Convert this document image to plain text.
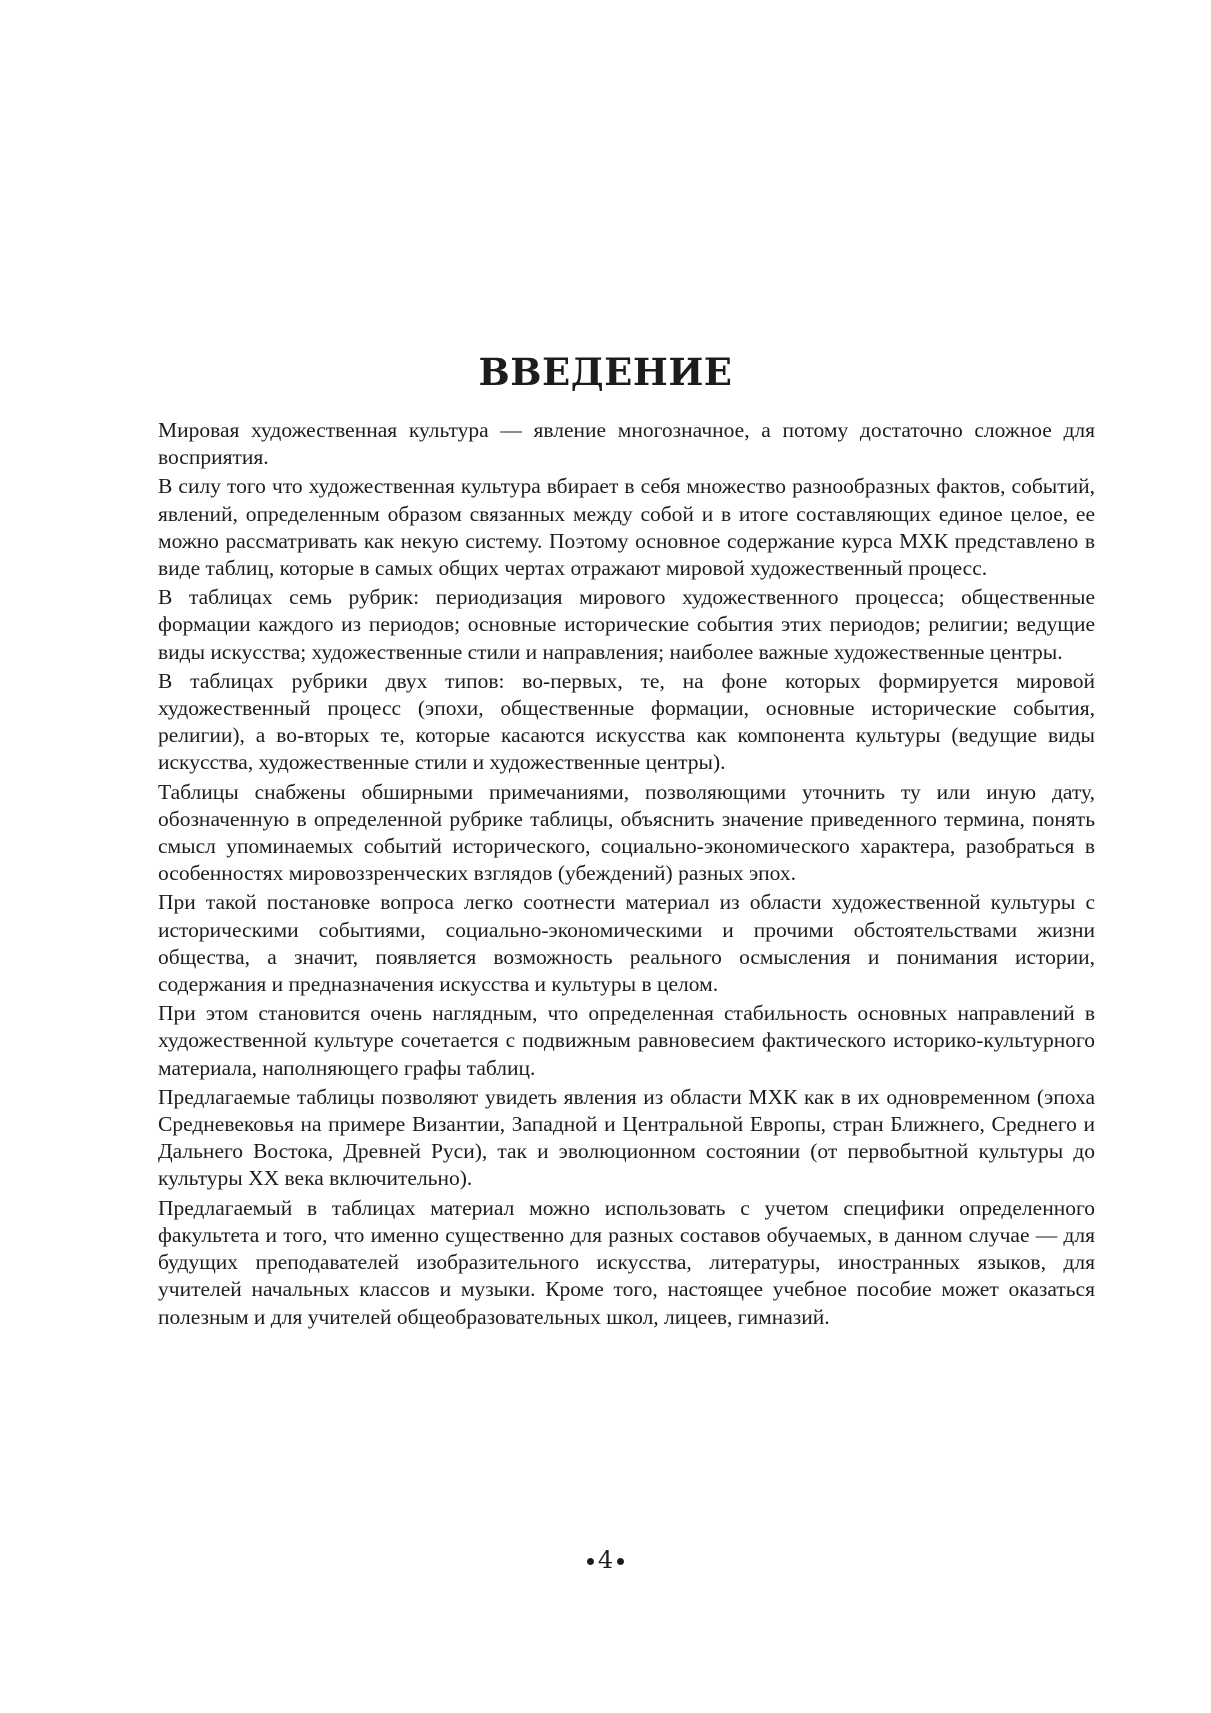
ВВЕДЕНИЕ

Мировая художественная культура — явление многозначное, а потому достаточно сложное для восприятия.

В силу того что художественная культура вбирает в себя множество разнообразных фактов, событий, явлений, определенным образом связанных между собой и в итоге составляющих единое целое, ее можно рассматривать как некую систему. Поэтому основное содержание курса МХК представлено в виде таблиц, которые в самых общих чертах отражают мировой художественный процесс.

В таблицах семь рубрик: периодизация мирового художественного процесса; общественные формации каждого из периодов; основные исторические события этих периодов; религии; ведущие виды искусства; художественные стили и направления; наиболее важные художественные центры.

В таблицах рубрики двух типов: во-первых, те, на фоне которых формируется мировой художественный процесс (эпохи, общественные формации, основные исторические события, религии), а во-вторых те, которые касаются искусства как компонента культуры (ведущие виды искусства, художественные стили и художественные центры).

Таблицы снабжены обширными примечаниями, позволяющими уточнить ту или иную дату, обозначенную в определенной рубрике таблицы, объяснить значение приведенного термина, понять смысл упоминаемых событий исторического, социально-экономического характера, разобраться в особенностях мировоззренческих взглядов (убеждений) разных эпох.

При такой постановке вопроса легко соотнести материал из области художественной культуры с историческими событиями, социально-экономическими и прочими обстоятельствами жизни общества, а значит, появляется возможность реального осмысления и понимания истории, содержания и предназначения искусства и культуры в целом.

При этом становится очень наглядным, что определенная стабильность основных направлений в художественной культуре сочетается с подвижным равновесием фактического историко-культурного материала, наполняющего графы таблиц.

Предлагаемые таблицы позволяют увидеть явления из области МХК как в их одновременном (эпоха Средневековья на примере Византии, Западной и Центральной Европы, стран Ближнего, Среднего и Дальнего Востока, Древней Руси), так и эволюционном состоянии (от первобытной культуры до культуры XX века включительно).

Предлагаемый в таблицах материал можно использовать с учетом специфики определенного факультета и того, что именно существенно для разных составов обучаемых, в данном случае — для будущих преподавателей изобразительного искусства, литературы, иностранных языков, для учителей начальных классов и музыки. Кроме того, настоящее учебное пособие может оказаться полезным и для учителей общеобразовательных школ, лицеев, гимназий.

4
